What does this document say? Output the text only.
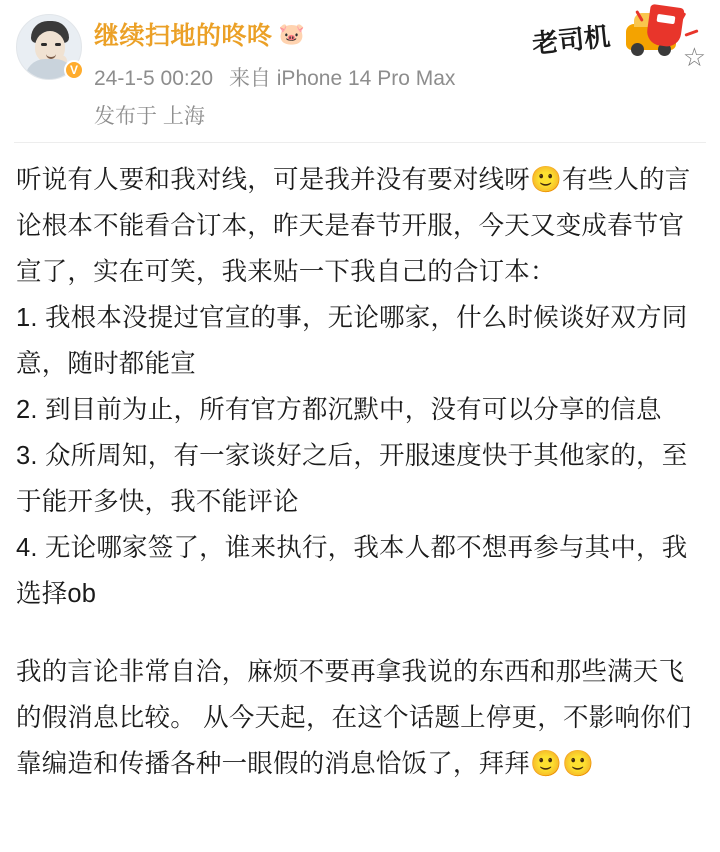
V
继续扫地的咚咚 🐷
24-1-5 00:20 来自 iPhone 14 Pro Max
发布于 上海
老司机	☆

听说有人要和我对线，可是我并没有要对线呀🙂有些人的言论根本不能看合订本，昨天是春节开服，今天又变成春节官宣了，实在可笑，我来贴一下我自己的合订本：

1. 我根本没提过官宣的事，无论哪家，什么时候谈好双方同意，随时都能宣

2. 到目前为止，所有官方都沉默中，没有可以分享的信息

3. 众所周知，有一家谈好之后，开服速度快于其他家的，至于能开多快，我不能评论

4. 无论哪家签了，谁来执行，我本人都不想再参与其中，我选择ob

我的言论非常自洽，麻烦不要再拿我说的东西和那些满天飞的假消息比较。 从今天起，在这个话题上停更，不影响你们靠编造和传播各种一眼假的消息恰饭了，拜拜🙂🙂
